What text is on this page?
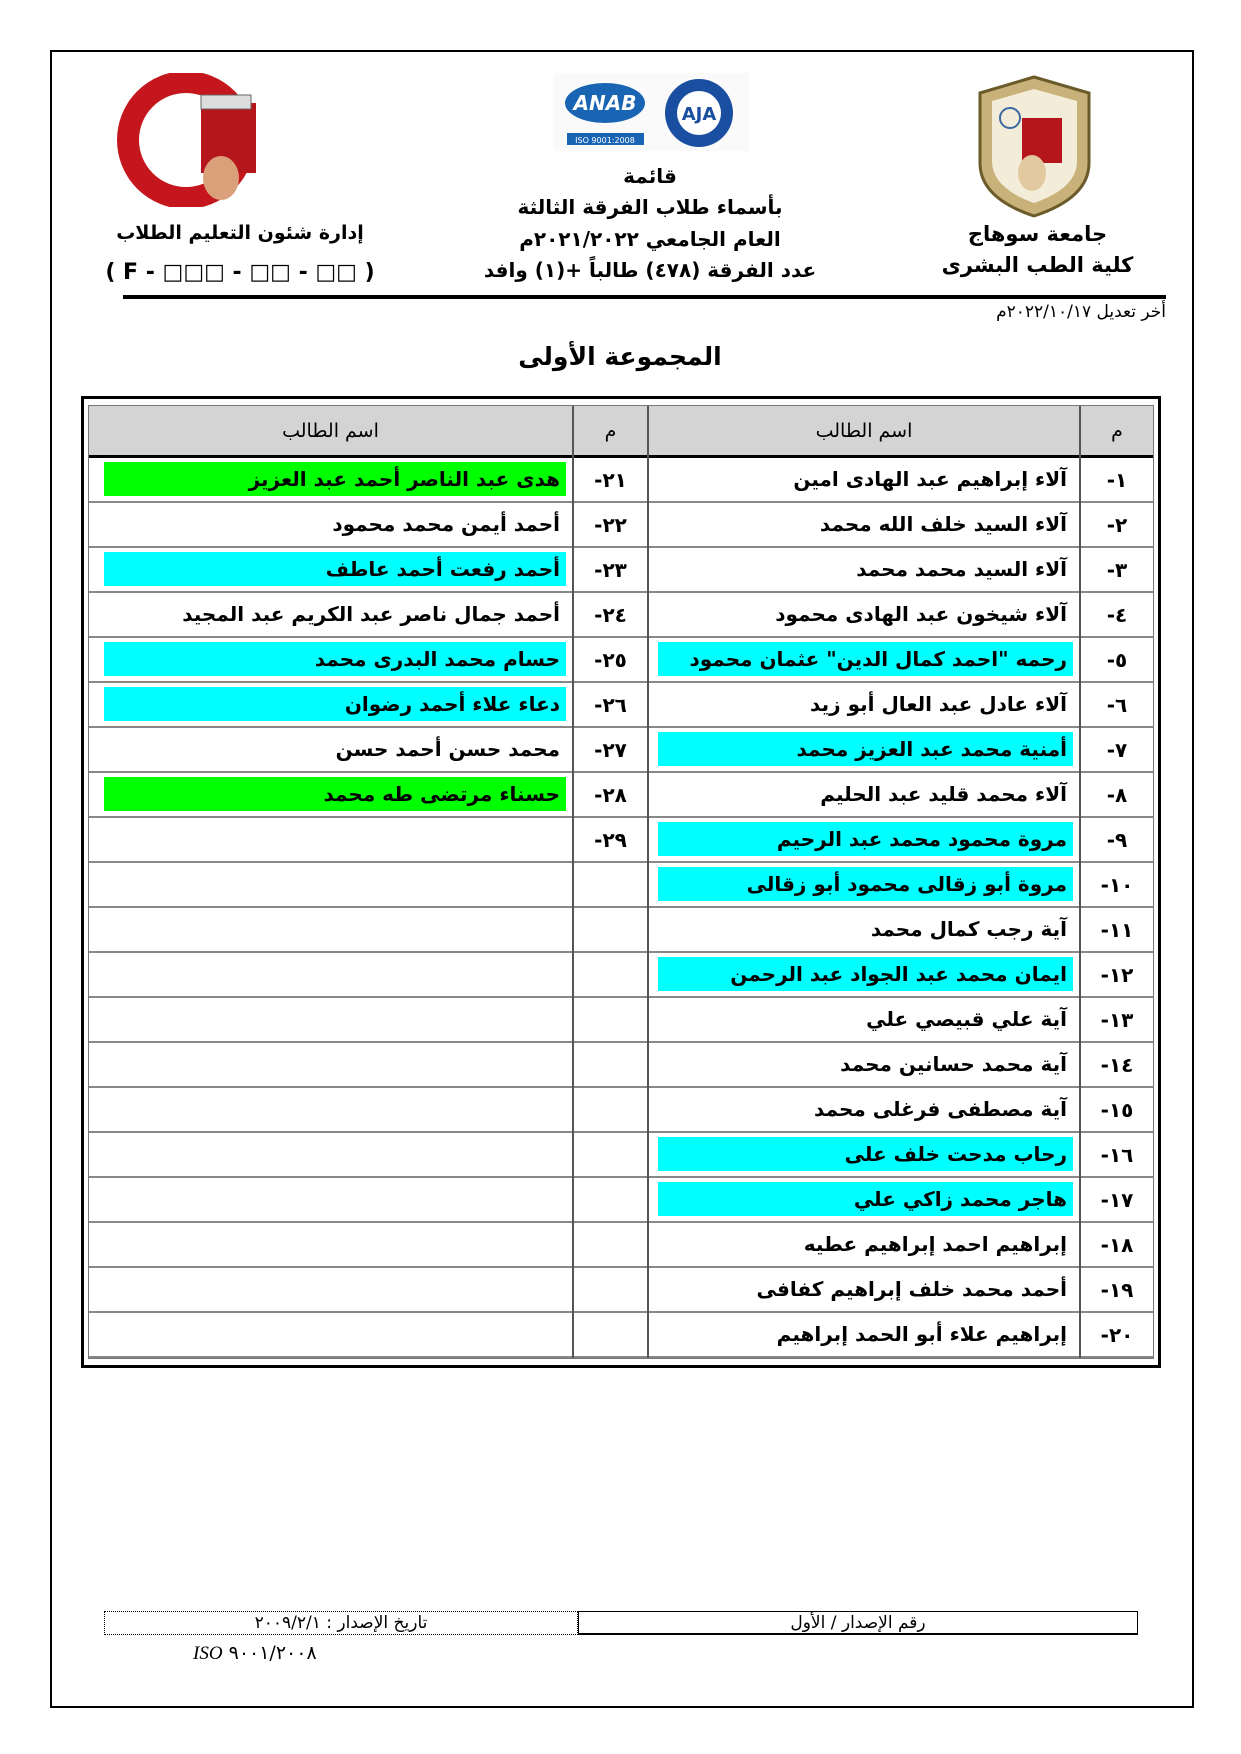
ANAB
ISO 9001:2008
AJA
جامعة سوهاج
كلية الطب البشرى
إدارة شئون التعليم الطلاب
( F - □□□ - □□ - □□ )
قائمة
بأسماء طلاب الفرقة الثالثة
العام الجامعي ٢٠٢١/٢٠٢٢م
عدد الفرقة (٤٧٨) طالباً +(١) وافد
أخر تعديل ٢٠٢٢/١٠/١٧م
المجموعة الأولى
م
اسم الطالب
م
اسم الطالب
١-
آلاء إبراهيم عبد الهادى امين
٢١-
هدى عبد الناصر أحمد عبد العزيز
٢-
آلاء السيد خلف الله محمد
٢٢-
أحمد أيمن محمد محمود
٣-
آلاء السيد محمد محمد
٢٣-
أحمد رفعت أحمد عاطف
٤-
آلاء شيخون عبد الهادى محمود
٢٤-
أحمد جمال ناصر عبد الكريم عبد المجيد
٥-
رحمه "احمد كمال الدين" عثمان محمود
٢٥-
حسام محمد البدرى محمد
٦-
آلاء عادل عبد العال أبو زيد
٢٦-
دعاء علاء أحمد رضوان
٧-
أمنية محمد عبد العزيز محمد
٢٧-
محمد حسن أحمد حسن
٨-
آلاء محمد قليد عبد الحليم
٢٨-
حسناء مرتضى طه محمد
٩-
مروة محمود محمد عبد الرحيم
٢٩-
١٠-
مروة أبو زقالى محمود أبو زقالى
١١-
آية رجب كمال محمد
١٢-
ايمان محمد عبد الجواد عبد الرحمن
١٣-
آية علي قبيصي علي
١٤-
آية محمد حسانين محمد
١٥-
آية مصطفى فرغلى محمد
١٦-
رحاب مدحت خلف على
١٧-
هاجر محمد زاكي علي
١٨-
إبراهيم احمد إبراهيم عطيه
١٩-
أحمد محمد خلف إبراهيم كفافى
٢٠-
إبراهيم علاء أبو الحمد إبراهيم
رقم الإصدار / الأول
تاريخ الإصدار : ٢٠٠٩/٢/١
ISO ٩٠٠١/٢٠٠٨
